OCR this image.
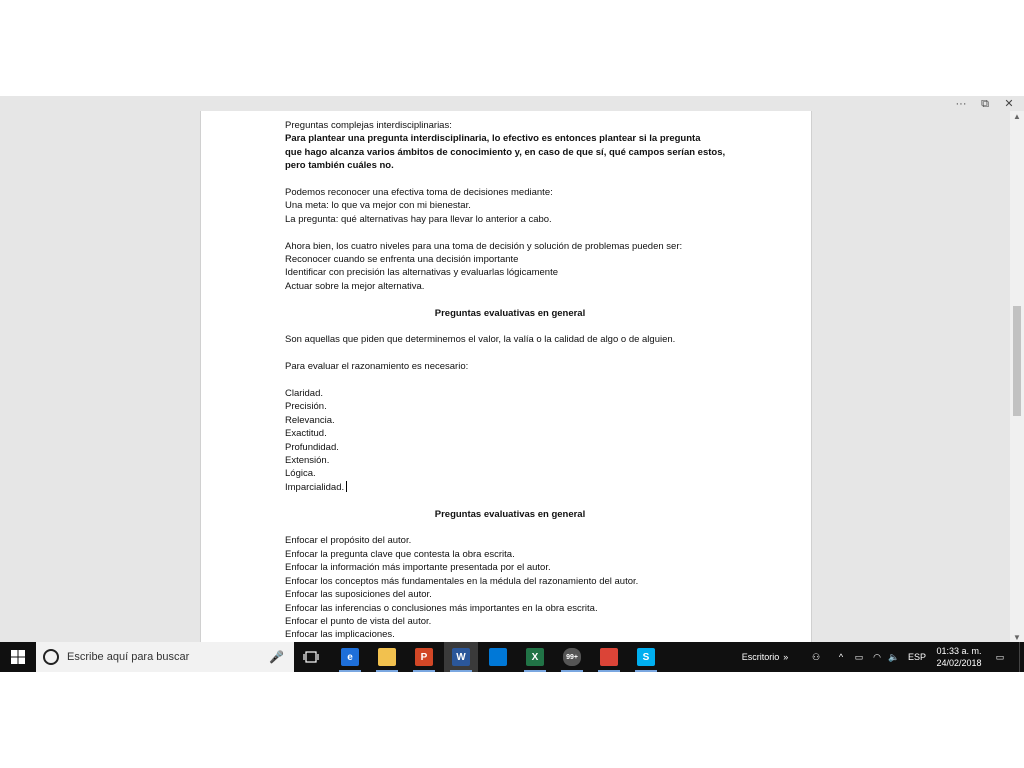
··· ⧉ ✕

Preguntas complejas interdisciplinarias:

Para plantear una pregunta interdisciplinaria, lo efectivo es entonces plantear si la pregunta

que hago alcanza varios ámbitos de conocimiento y, en caso de que sí, qué campos serían estos,

pero también cuáles no.

Podemos reconocer una efectiva toma de decisiones mediante:

Una meta: lo que va mejor con mi bienestar.

La pregunta: qué alternativas hay para llevar lo anterior a cabo.

Ahora bien, los cuatro niveles para una toma de decisión y solución de problemas pueden ser:

Reconocer cuando se enfrenta una decisión importante

Identificar con precisión las alternativas y evaluarlas lógicamente

Actuar sobre la mejor alternativa.

Preguntas evaluativas en general

Son aquellas que piden que determinemos el valor, la valía o la calidad de algo o de alguien.

Para evaluar el razonamiento es necesario:

Claridad.

Precisión.

Relevancia.

Exactitud.

Profundidad.

Extensión.

Lógica.

Imparcialidad.

Preguntas evaluativas en general

Enfocar el propósito del autor.

Enfocar la pregunta clave que contesta la obra escrita.

Enfocar la información más importante presentada por el autor.

Enfocar los conceptos más fundamentales en la médula del razonamiento del autor.

Enfocar las suposiciones del autor.

Enfocar las inferencias o conclusiones más importantes en la obra escrita.

Enfocar el punto de vista del autor.

Enfocar las implicaciones.

▲
▼
Escribe aquí para buscar	🎤	e	P	W	X	99+	S	Escritorio »	⚇	^	▭	◠ 🔈 ESP
01:33 a. m.
24/02/2018
▭
